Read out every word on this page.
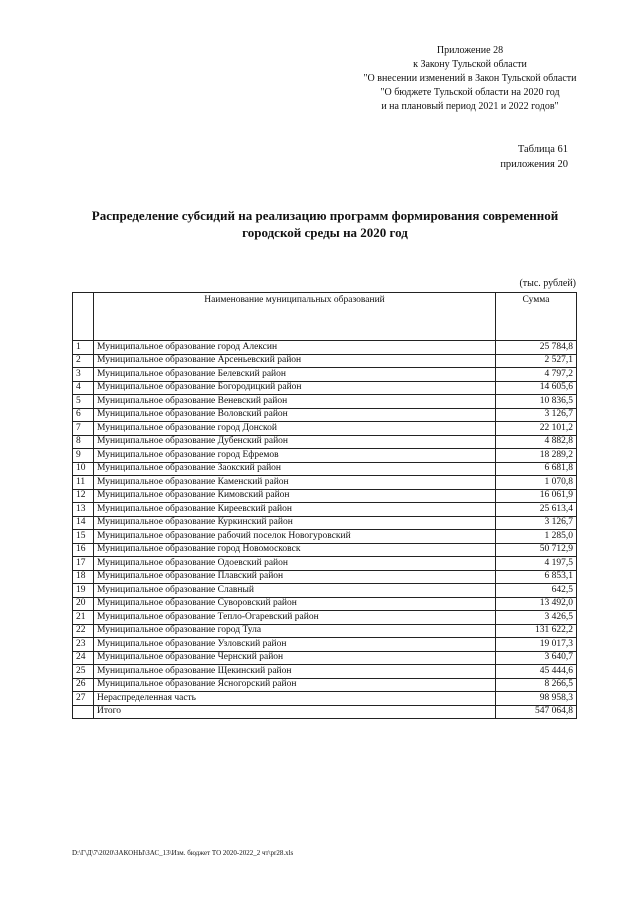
Приложение 28
к Закону Тульской области
"О внесении изменений в Закон Тульской области
"О бюджете Тульской области на 2020 год
и на плановый период 2021 и 2022 годов"
Таблица 61
приложения 20
Распределение субсидий на реализацию программ формирования современной
городской среды на 2020 год
(тыс. рублей)
	Наименование муниципальных образований	Сумма
1	Муниципальное образование город Алексин	25 784,8
2	Муниципальное образование Арсеньевский район	2 527,1
3	Муниципальное образование Белевский район	4 797,2
4	Муниципальное образование Богородицкий район	14 605,6
5	Муниципальное образование Веневский район	10 836,5
6	Муниципальное образование Воловский район	3 126,7
7	Муниципальное образование город Донской	22 101,2
8	Муниципальное образование Дубенский район	4 882,8
9	Муниципальное образование город Ефремов	18 289,2
10	Муниципальное образование Заокский район	6 681,8
11	Муниципальное образование Каменский район	1 070,8
12	Муниципальное образование Кимовский район	16 061,9
13	Муниципальное образование Киреевский район	25 613,4
14	Муниципальное образование Куркинский район	3 126,7
15	Муниципальное образование рабочий поселок Новогуровский	1 285,0
16	Муниципальное образование город Новомосковск	50 712,9
17	Муниципальное образование Одоевский район	4 197,5
18	Муниципальное образование Плавский район	6 853,1
19	Муниципальное образование Славный	642,5
20	Муниципальное образование Суворовский район	13 492,0
21	Муниципальное образование Тепло-Огаревский район	3 426,5
22	Муниципальное образование город Тула	131 622,2
23	Муниципальное образование Узловский район	19 017,3
24	Муниципальное образование Чернский район	3 640,7
25	Муниципальное образование Щекинский район	45 444,6
26	Муниципальное образование Ясногорский район	8 266,5
27	Нераспределенная часть	98 958,3
	Итого	547 064,8
D:\Г\Д\7\2020\ЗАКОНЫ\ЗАС_13\Изм. бюджет ТО 2020-2022_2 чт\pr28.xls
